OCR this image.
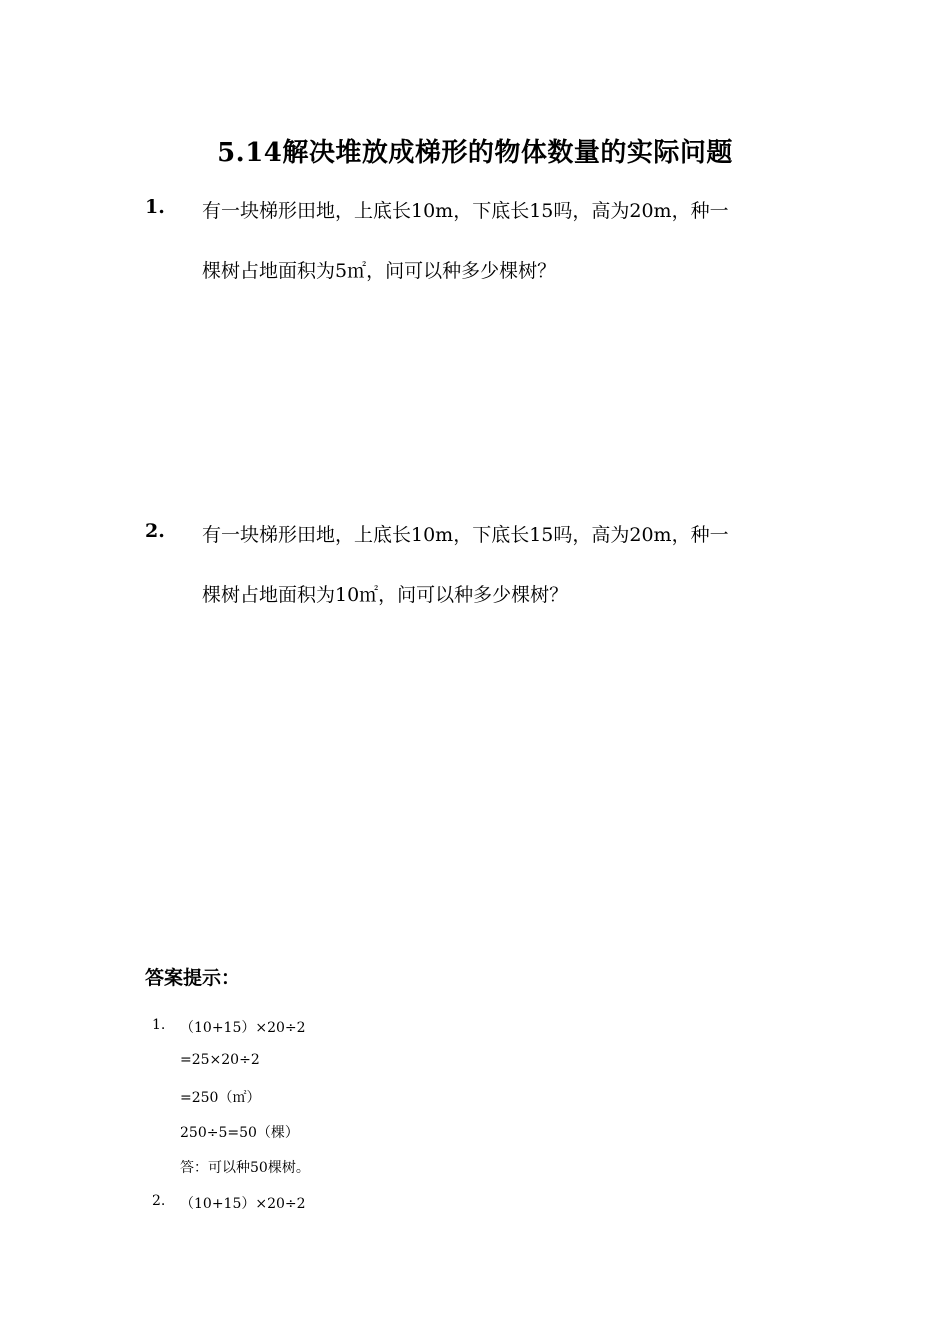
5.14解决堆放成梯形的物体数量的实际问题
1. 有一块梯形田地，上底长10m，下底长15吗，高为20m，种一
棵树占地面积为5㎡，问可以种多少棵树？
2. 有一块梯形田地，上底长10m，下底长15吗，高为20m，种一
棵树占地面积为10㎡，问可以种多少棵树？
答案提示：
1. （10+15）×20÷2
=25×20÷2
=250（㎡）
250÷5=50（棵）
答：可以种50棵树。
2. （10+15）×20÷2
